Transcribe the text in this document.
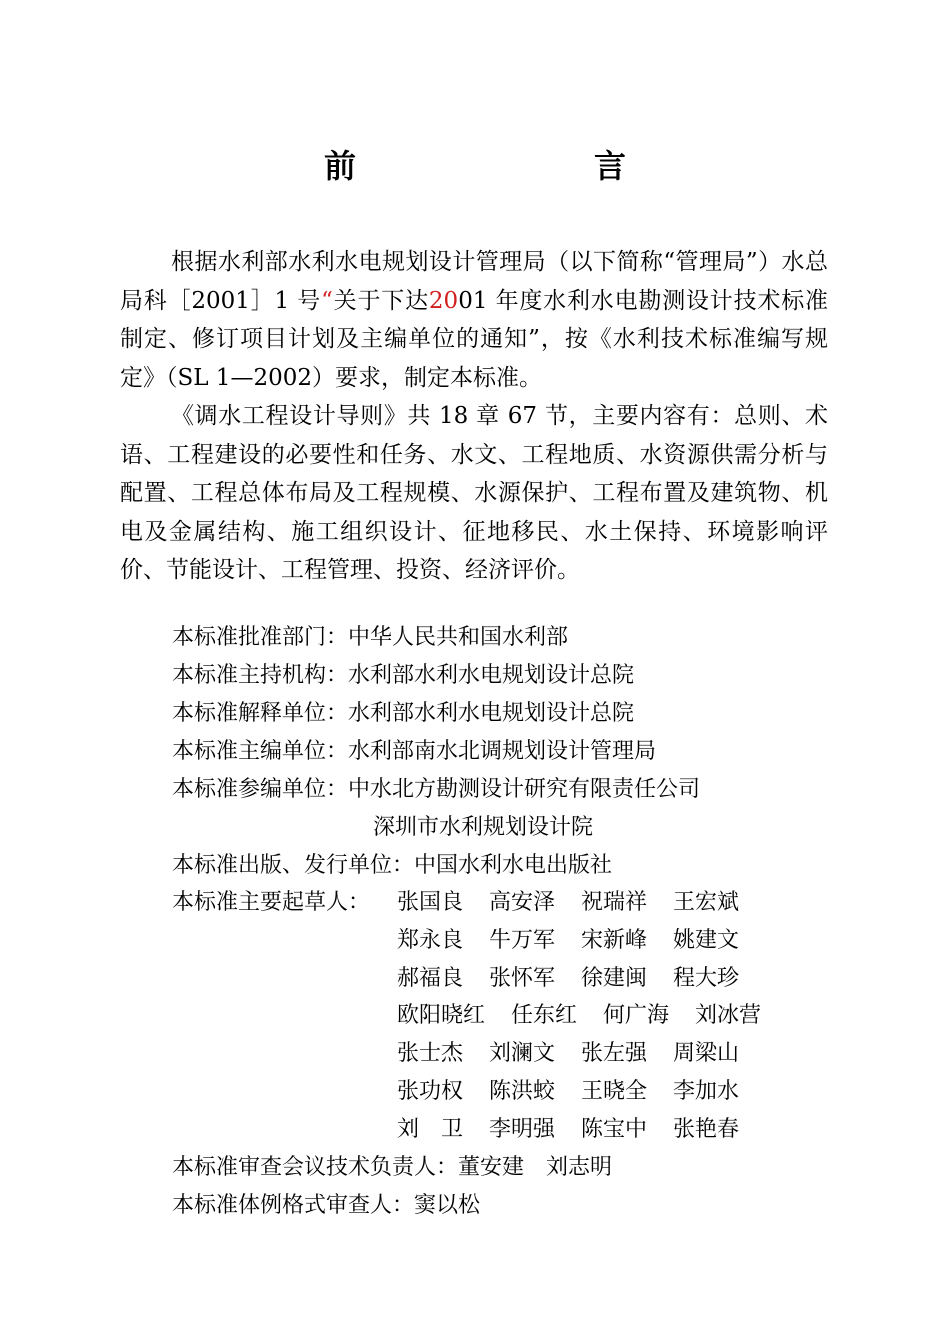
前　　言
根据水利部水利水电规划设计管理局（以下简称“管理局”）水总局科［2001］1 号“关于下达2001 年度水利水电勘测设计技术标准制定、修订项目计划及主编单位的通知”，按《水利技术标准编写规定》（SL 1—2002）要求，制定本标准。
《调水工程设计导则》共 18 章 67 节，主要内容有：总则、术语、工程建设的必要性和任务、水文、工程地质、水资源供需分析与配置、工程总体布局及工程规模、水源保护、工程布置及建筑物、机电及金属结构、施工组织设计、征地移民、水土保持、环境影响评价、节能设计、工程管理、投资、经济评价。
本标准批准部门：中华人民共和国水利部
本标准主持机构：水利部水利水电规划设计总院
本标准解释单位：水利部水利水电规划设计总院
本标准主编单位：水利部南水北调规划设计管理局
本标准参编单位：中水北方勘测设计研究有限责任公司
深圳市水利规划设计院
本标准出版、发行单位：中国水利水电出版社
本标准主要起草人：
本标准审查会议技术负责人：董安建　刘志明
本标准体例格式审查人：窦以松
张国良 高安泽 祝瑞祥 王宏斌
郑永良 牛万军 宋新峰 姚建文
郝福良 张怀军 徐建闽 程大珍
欧阳晓红 任东红 何广海 刘冰营
张士杰 刘澜文 张左强 周梁山
张功权 陈洪蛟 王晓全 李加水
刘　卫 李明强 陈宝中 张艳春
